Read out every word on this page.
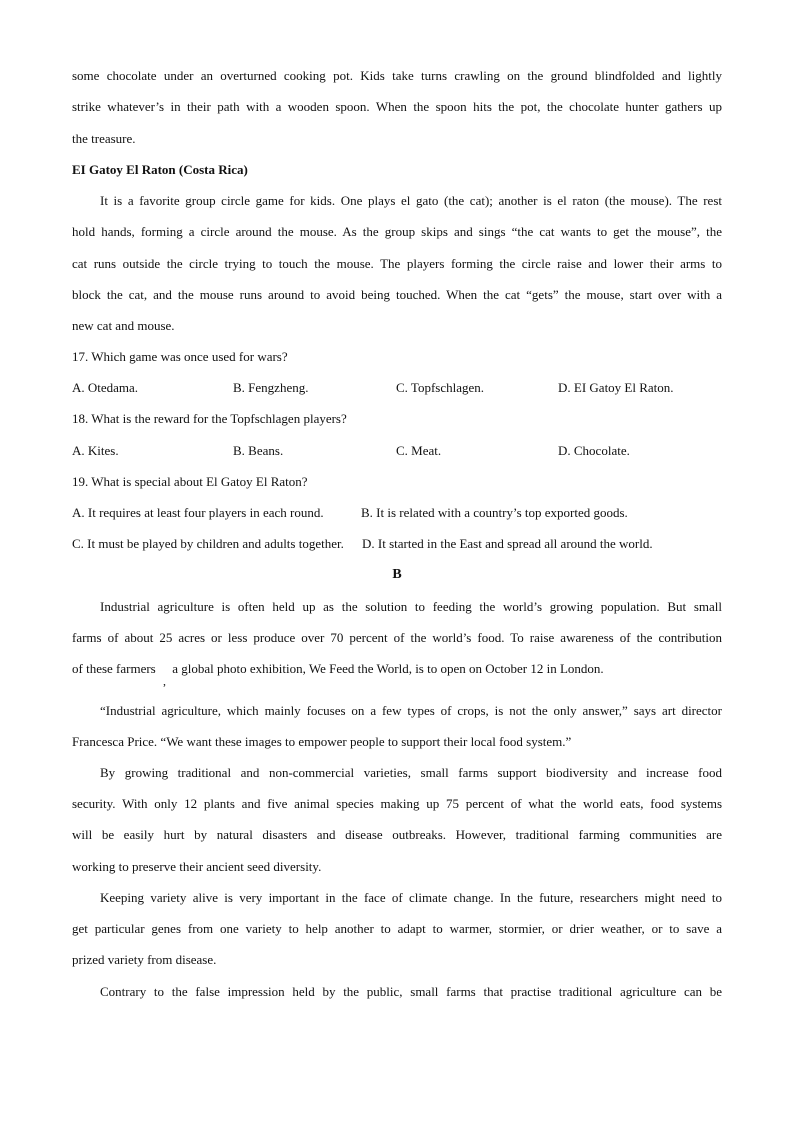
some chocolate under an overturned cooking pot. Kids take turns crawling on the ground blindfolded and lightly
strike whatever’s in their path with a wooden spoon. When the spoon hits the pot, the chocolate hunter gathers up
the treasure.
EI Gatoy El Raton (Costa Rica)
It is a favorite group circle game for kids. One plays el gato (the cat); another is el raton (the mouse). The rest
hold hands, forming a circle around the mouse. As the group skips and sings “the cat wants to get the mouse”, the
cat runs outside the circle trying to touch the mouse. The players forming the circle raise and lower their arms to
block the cat, and the mouse runs around to avoid being touched. When the cat “gets” the mouse, start over with a
new cat and mouse.
17. Which game was once used for wars?
A. Otedama.	B. Fengzheng.	C. Topfschlagen.	D. EI Gatoy El Raton.
18. What is the reward for the Topfschlagen players?
A. Kites.	B. Beans.	C. Meat.	D. Chocolate.
19. What is special about El Gatoy El Raton?
A. It requires at least four players in each round.	B. It is related with a country’s top exported goods.
C. It must be played by children and adults together. D. It started in the East and spread all around the world.
B
Industrial agriculture is often held up as the solution to feeding the world’s growing population. But small
farms of about 25 acres or less produce over 70 percent of the world’s food. To raise awareness of the contribution
of these farmers a global photo exhibition, We Feed the World, is to open on October 12 in London.
,
“Industrial agriculture, which mainly focuses on a few types of crops, is not the only answer,” says art director
Francesca Price. “We want these images to empower people to support their local food system.”
By growing traditional and non-commercial varieties, small farms support biodiversity and increase food
security. With only 12 plants and five animal species making up 75 percent of what the world eats, food systems
will be easily hurt by natural disasters and disease outbreaks. However, traditional farming communities are
working to preserve their ancient seed diversity.
Keeping variety alive is very important in the face of climate change. In the future, researchers might need to
get particular genes from one variety to help another to adapt to warmer, stormier, or drier weather, or to save a
prized variety from disease.
Contrary to the false impression held by the public, small farms that practise traditional agriculture can be
